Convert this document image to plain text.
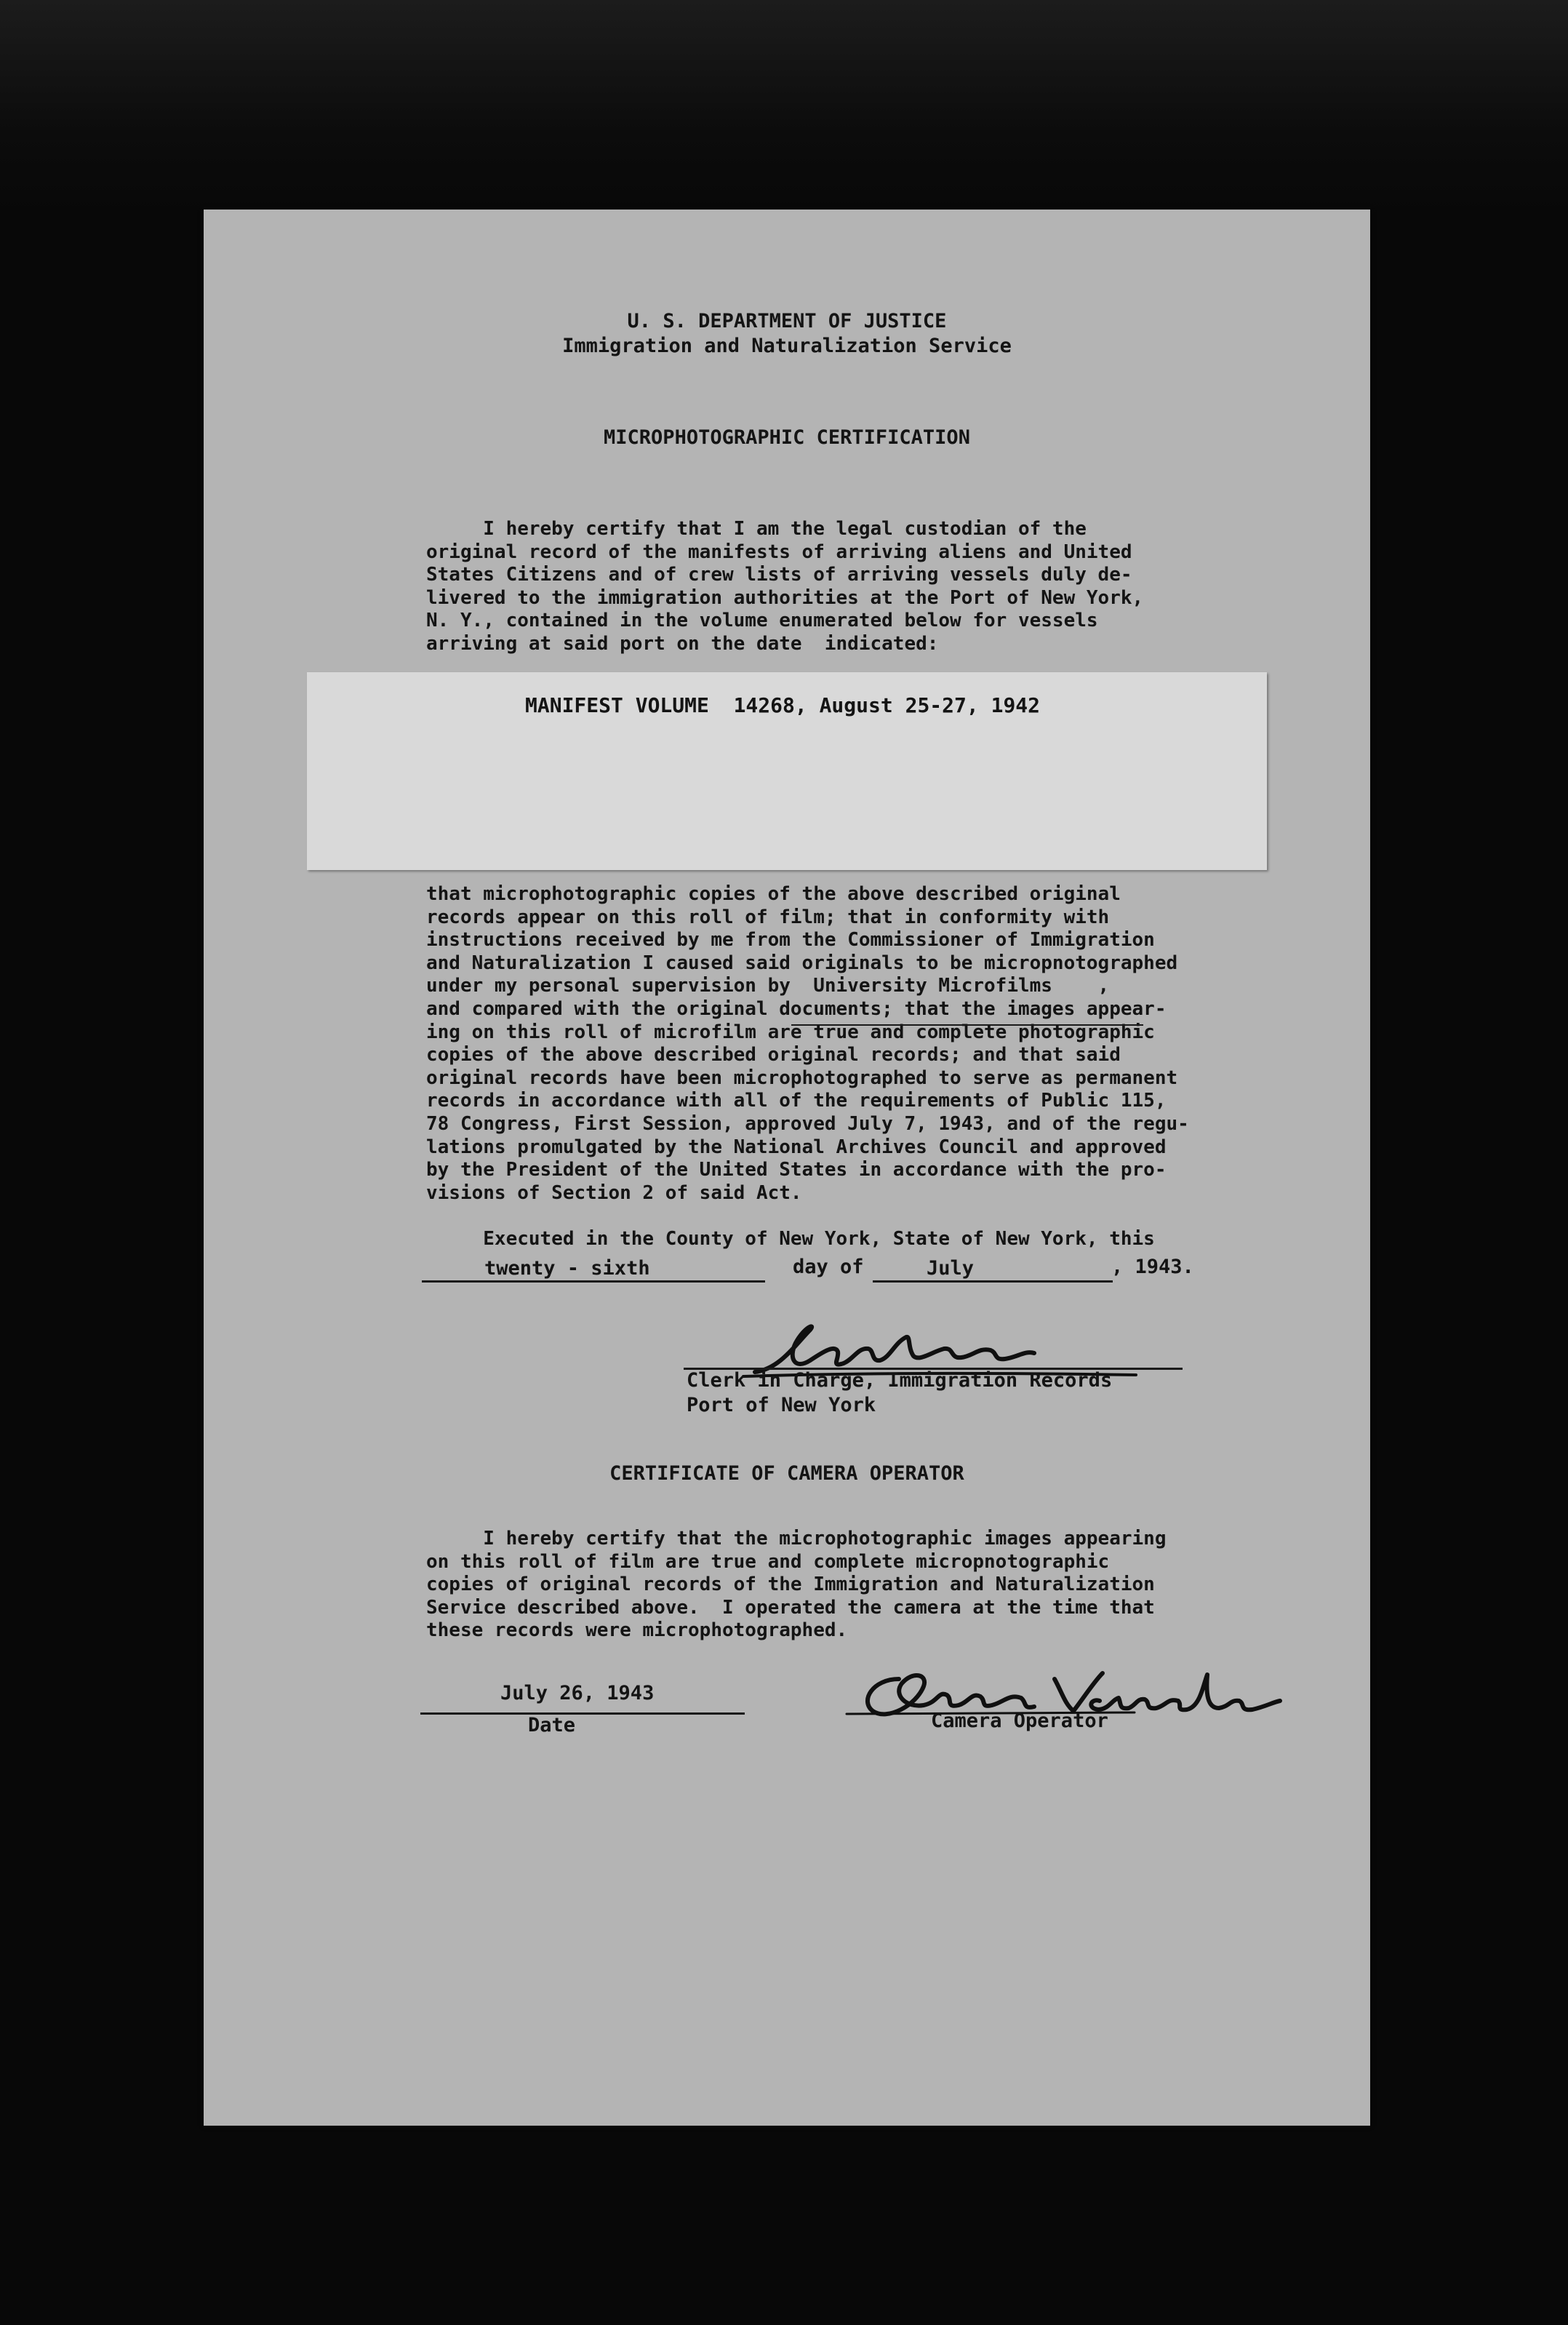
U. S. DEPARTMENT OF JUSTICE
Immigration and Naturalization Service
MICROPHOTOGRAPHIC CERTIFICATION
I hereby certify that I am the legal custodian of the
original record of the manifests of arriving aliens and United
States Citizens and of crew lists of arriving vessels duly de-
livered to the immigration authorities at the Port of New York,
N. Y., contained in the volume enumerated below for vessels
arriving at said port on the date  indicated:
MANIFEST VOLUME  14268, August 25-27, 1942
that microphotographic copies of the above described original
records appear on this roll of film; that in conformity with
instructions received by me from the Commissioner of Immigration
and Naturalization I caused said originals to be micropnotographed
under my personal supervision by  University Microfilms    ,
and compared with the original documents; that the images appear-
ing on this roll of microfilm are true and complete photographic
copies of the above described original records; and that said
original records have been microphotographed to serve as permanent
records in accordance with all of the requirements of Public 115,
78 Congress, First Session, approved July 7, 1943, and of the regu-
lations promulgated by the National Archives Council and approved
by the President of the United States in accordance with the pro-
visions of Section 2 of said Act.
Executed in the County of New York, State of New York, this
twenty - sixth	day of	July	, 1943.
Clerk in Charge, Immigration Records
Port of New York
CERTIFICATE OF CAMERA OPERATOR
I hereby certify that the microphotographic images appearing
on this roll of film are true and complete micropnotographic
copies of original records of the Immigration and Naturalization
Service described above.  I operated the camera at the time that
these records were microphotographed.
July 26, 1943
Date	Camera Operator
